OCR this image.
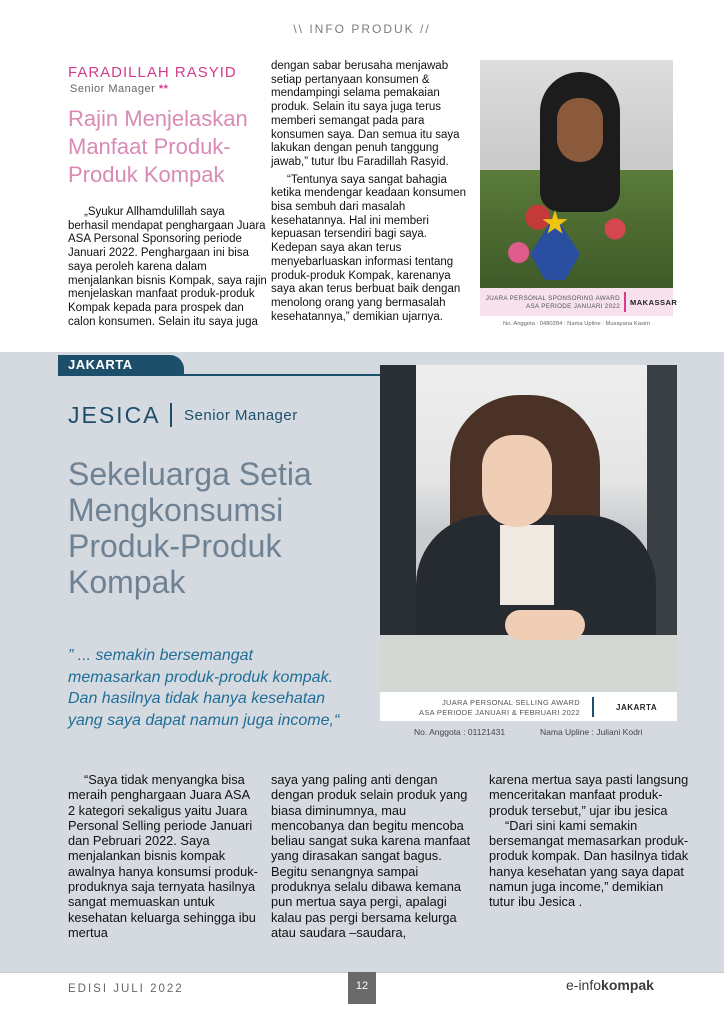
\\ INFO PRODUK //
FARADILLAH RASYID
Senior Manager **
Rajin Menjelaskan Manfaat Produk-Produk Kompak
„Syukur Allhamdulillah saya berhasil mendapat penghargaan Juara ASA Personal Sponsoring periode Januari 2022. Penghargaan ini bisa saya peroleh karena dalam menjalankan bisnis Kompak, saya rajin menjelaskan manfaat produk-produk Kompak kepada para prospek dan calon konsumen. Selain itu saya juga

dengan sabar berusaha menjawab setiap pertanyaan konsumen & mendampingi selama pemakaian produk. Selain itu saya juga terus memberi semangat pada para konsumen saya. Dan semua itu saya lakukan dengan penuh tanggung jawab,” tutur Ibu Faradillah Rasyid.

“Tentunya saya sangat bahagia ketika mendengar keadaan konsumen bisa sembuh dari masalah kesehatannya. Hal ini memberi kepuasan tersendiri bagi saya. Kedepan saya akan terus menyebarluaskan informasi tentang produk-produk Kompak, karenanya saya akan terus berbuat baik dengan menolong orang yang bermasalah kesehatannya,” demikian ujarnya.

JUARA PERSONAL SPONSORING AWARD
ASA PERIODE JANUARI 2022 MAKASSAR
No. Anggota : 0480284 : Nama Upline : Musayana Kasim
JAKARTA
JESICA Senior Manager
Sekeluarga Setia Mengkonsumsi Produk-Produk Kompak
” ... semakin bersemangat memasarkan produk-produk kompak. Dan hasilnya tidak hanya kesehatan yang saya dapat namun juga income,“
JUARA PERSONAL SELLING AWARD
ASA PERIODE JANUARI & FEBRUARI 2022	JAKARTA
No. Anggota : 01121431	Nama Upline : Juliani Kodri

“Saya tidak menyangka bisa meraih penghargaan Juara ASA 2 kategori sekaligus yaitu Juara Personal Selling periode Januari dan Pebruari 2022. Saya menjalankan bisnis kompak awalnya hanya konsumsi produk-produknya saja ternyata hasilnya sangat memuaskan untuk kesehatan keluarga sehingga ibu mertua

saya yang paling anti dengan dengan produk selain produk yang biasa diminumnya, mau mencobanya dan begitu mencoba beliau sangat suka karena manfaat yang dirasakan sangat bagus. Begitu senangnya sampai produknya selalu dibawa kemana pun mertua saya pergi, apalagi kalau pas pergi bersama kelurga atau saudara –saudara,

karena mertua saya pasti langsung menceritakan manfaat produk-produk tersebut,” ujar ibu jesica

“Dari sini kami semakin bersemangat memasarkan produk-produk kompak. Dan hasilnya tidak hanya kesehatan yang saya dapat namun juga income,” demikian tutur ibu Jesica .

EDISI JULI 2022	12	e-infokompak
